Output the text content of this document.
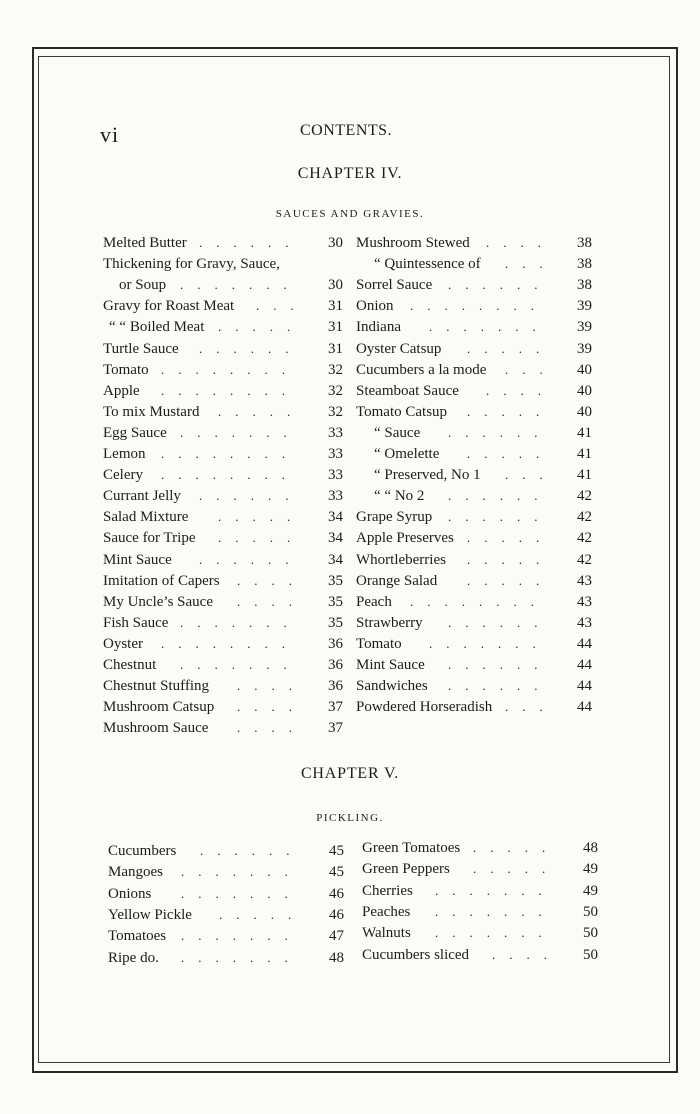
vi	CONTENTS.
CHAPTER IV.
SAUCES AND GRAVIES.
Melted Butter	30
......
Thickening for Gravy, Sauce,
or Soup	30
.......
Gravy for Roast Meat	31
...
“ “ Boiled Meat	31
.....
Turtle Sauce	31
......
Tomato	32
........
Apple	32
........
To mix Mustard	32
.....
Egg Sauce	33
.......
Lemon	33
........
Celery	33
........
Currant Jelly	33
......
Salad Mixture	34
.....
Sauce for Tripe	34
.....
Mint Sauce	34
......
Imitation of Capers	35
....
My Uncle’s Sauce	35
....
Fish Sauce	35
.......
Oyster	36
........
Chestnut	36
.......
Chestnut Stuffing	36
....
Mushroom Catsup	37
....
Mushroom Sauce	37
....
Mushroom Stewed	38
....
“ Quintessence of	38
...
Sorrel Sauce	38
......
Onion	39
........
Indiana	39
.......
Oyster Catsup	39
.....
Cucumbers a la mode	40
...
Steamboat Sauce	40
....
Tomato Catsup	40
.....
“ Sauce	41
......
“ Omelette	41
.....
“ Preserved, No 1	41
...
“ “ No 2	42
......
Grape Syrup	42
......
Apple Preserves	42
.....
Whortleberries	42
.....
Orange Salad	43
.....
Peach	43
........
Strawberry	43
......
Tomato	44
.......
Mint Sauce	44
......
Sandwiches	44
......
Powdered Horseradish	44
...
CHAPTER V.
PICKLING.
Cucumbers	45
......
Mangoes	45
.......
Onions	46
.......
Yellow Pickle	46
.....
Tomatoes	47
.......
Ripe do.	48
.......
Green Tomatoes	48
.....
Green Peppers	49
.....
Cherries	49
.......
Peaches	50
.......
Walnuts	50
.......
Cucumbers sliced	50
....
